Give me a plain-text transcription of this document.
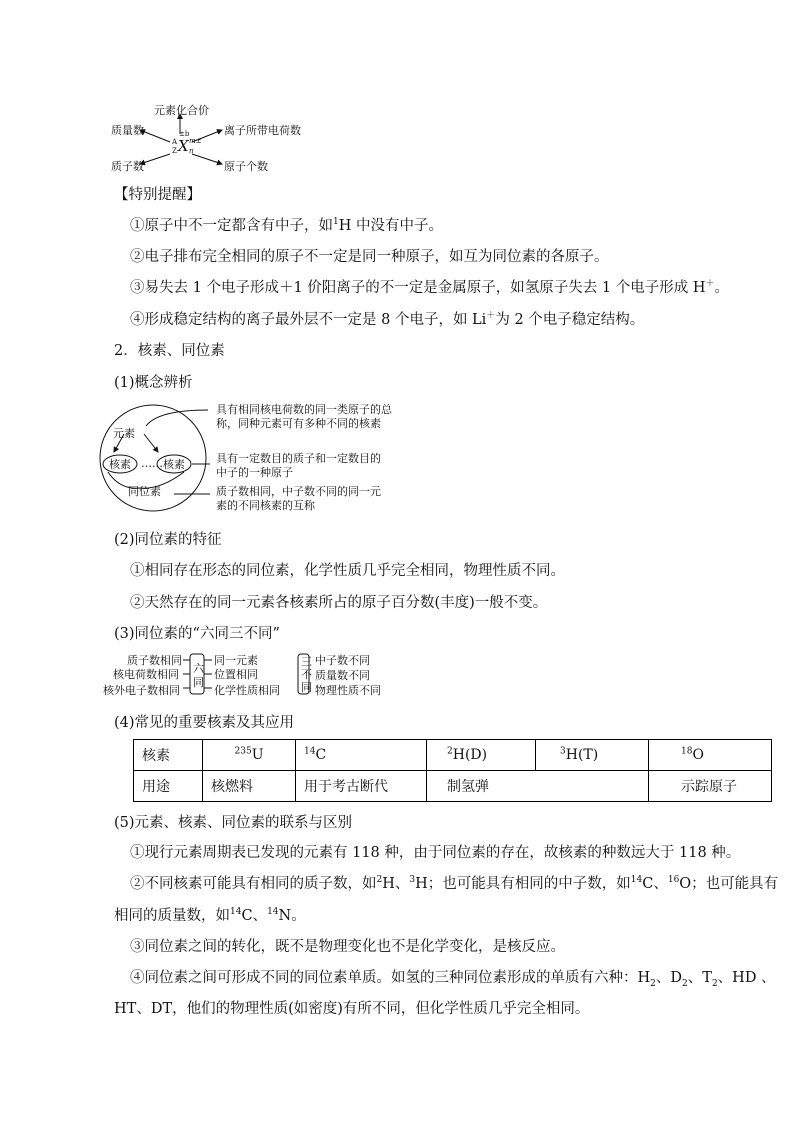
元素化合价
质量数
质子数
离子所带电荷数
原子个数
±b
A
Z X m±
n
【特别提醒】
①原子中不一定都含有中子，如$^1$H 中没有中子。
②电子排布完全相同的原子不一定是同一种原子，如互为同位素的各原子。
③易失去 1 个电子形成＋1 价阳离子的不一定是金属原子，如氢原子失去 1 个电子形成 H＋。
④形成稳定结构的离子最外层不一定是 8 个电子，如 Li＋为 2 个电子稳定结构。
2．核素、同位素
(1)概念辨析
元素
核素 …… 核素
同位素
具有相同核电荷数的同一类原子的总
称，同种元素可有多种不同的核素
具有一定数目的质子和一定数目的
中子的一种原子
质子数相同，中子数不同的同一元
素的不同核素的互称
(2)同位素的特征
①相同存在形态的同位素，化学性质几乎完全相同，物理性质不同。
②天然存在的同一元素各核素所占的原子百分数(丰度)一般不变。
(3)同位素的“六同三不同”
质子数相同
核电荷数相同
核外电子数相同
六
同
同一元素
位置相同
化学性质相同
三
不
同
中子数不同
质量数不同
物理性质不同
(4)常见的重要核素及其应用
核素	$^{235}$U	$^{14}$C	$^2$H(D)	$^3$H(T)	$^{18}$O
用途	核燃料	用于考古断代	制氢弹		示踪原子
(5)元素、核素、同位素的联系与区别
①现行元素周期表已发现的元素有 118 种，由于同位素的存在，故核素的种数远大于 118 种。
②不同核素可能具有相同的质子数，如$^2$H、$^3$H；也可能具有相同的中子数，如$^{14}$C、$^{16}$O；也可能具有
相同的质量数，如$^{14}$C、$^{14}$N。
③同位素之间的转化，既不是物理变化也不是化学变化，是核反应。
④同位素之间可形成不同的同位素单质。如氢的三种同位素形成的单质有六种：$H_2$、$D_2$、$T_2$、HD 、
HT、DT，他们的物理性质(如密度)有所不同，但化学性质几乎完全相同。
